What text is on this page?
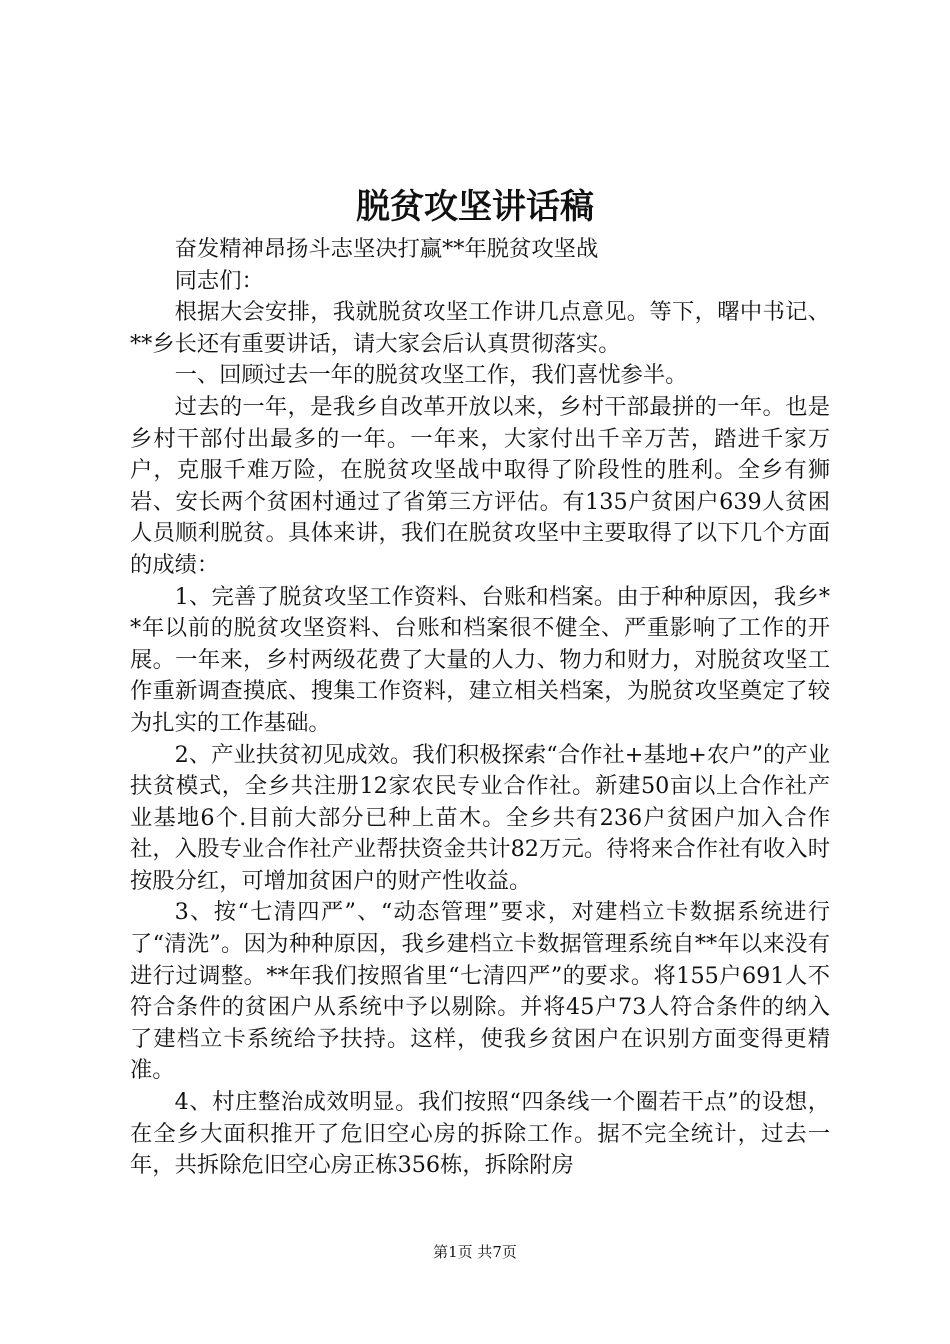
脱贫攻坚讲话稿

奋发精神昂扬斗志坚决打赢**年脱贫攻坚战

同志们：

根据大会安排，我就脱贫攻坚工作讲几点意见。等下，曙中书记、**乡长还有重要讲话，请大家会后认真贯彻落实。

一、回顾过去一年的脱贫攻坚工作，我们喜忧参半。

过去的一年，是我乡自改革开放以来，乡村干部最拼的一年。也是乡村干部付出最多的一年。一年来，大家付出千辛万苦，踏进千家万户，克服千难万险，在脱贫攻坚战中取得了阶段性的胜利。全乡有狮岩、安长两个贫困村通过了省第三方评估。有135户贫困户639人贫困人员顺利脱贫。具体来讲，我们在脱贫攻坚中主要取得了以下几个方面的成绩：

1、完善了脱贫攻坚工作资料、台账和档案。由于种种原因，我乡**年以前的脱贫攻坚资料、台账和档案很不健全、严重影响了工作的开展。一年来，乡村两级花费了大量的人力、物力和财力，对脱贫攻坚工作重新调查摸底、搜集工作资料，建立相关档案，为脱贫攻坚奠定了较为扎实的工作基础。

2、产业扶贫初见成效。我们积极探索“合作社+基地+农户”的产业扶贫模式，全乡共注册12家农民专业合作社。新建50亩以上合作社产业基地6个.目前大部分已种上苗木。全乡共有236户贫困户加入合作社，入股专业合作社产业帮扶资金共计82万元。待将来合作社有收入时按股分红，可增加贫困户的财产性收益。

3、按“七清四严”、“动态管理”要求，对建档立卡数据系统进行了“清洗”。因为种种原因，我乡建档立卡数据管理系统自**年以来没有进行过调整。**年我们按照省里“七清四严”的要求。将155户691人不符合条件的贫困户从系统中予以剔除。并将45户73人符合条件的纳入了建档立卡系统给予扶持。这样，使我乡贫困户在识别方面变得更精准。

4、村庄整治成效明显。我们按照“四条线一个圈若干点”的设想，在全乡大面积推开了危旧空心房的拆除工作。据不完全统计，过去一年，共拆除危旧空心房正栋356栋，拆除附房

第1页 共7页
